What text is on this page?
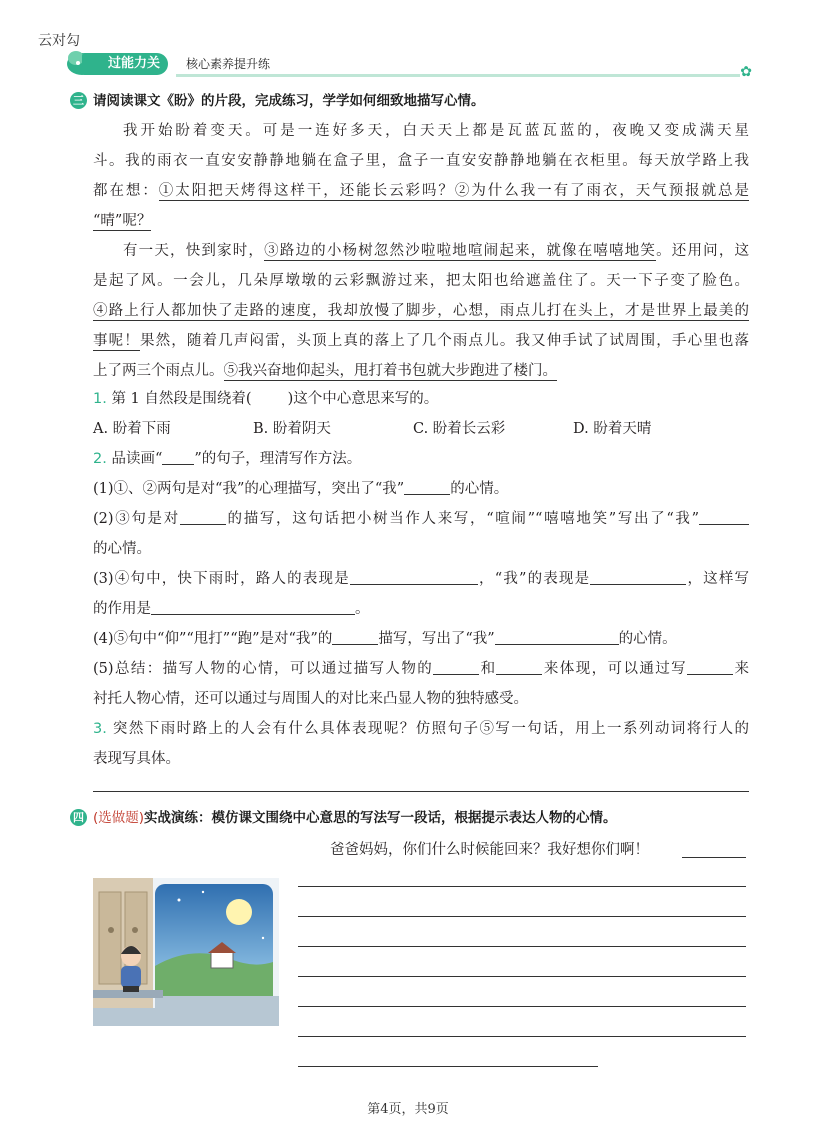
云对勾
过能力关	核心素养提升练	✿
三 请阅读课文《盼》的片段，完成练习，学学如何细致地描写心情。
我开始盼着变天。可是一连好多天，白天天上都是瓦蓝瓦蓝的，夜晚又变成满天星
斗。我的雨衣一直安安静静地躺在盒子里，盒子一直安安静静地躺在衣柜里。每天放学路上我
都在想：①太阳把天烤得这样干，还能长云彩吗？②为什么我一有了雨衣，天气预报就总是
“晴”呢？
有一天，快到家时，③路边的小杨树忽然沙啦啦地喧闹起来，就像在嘻嘻地笑。还用问，这
是起了风。一会儿，几朵厚墩墩的云彩飘游过来，把太阳也给遮盖住了。天一下子变了脸色。
④路上行人都加快了走路的速度，我却放慢了脚步，心想，雨点儿打在头上，才是世界上最美的
事呢！果然，随着几声闷雷，头顶上真的落上了几个雨点儿。我又伸手试了试周围，手心里也落
上了两三个雨点儿。⑤我兴奋地仰起头，甩打着书包就大步跑进了楼门。
1. 第 1 自然段是围绕着( )这个中心意思来写的。
A. 盼着下雨	B. 盼着阴天	C. 盼着长云彩	D. 盼着天晴
2. 品读画“ ”的句子，理清写作方法。
(1)①、②两句是对“我”的心理描写，突出了“我”	的心情。
(2)③句是对	的描写，这句话把小树当作人来写，“喧闹”“嘻嘻地笑”写出了“我”
的心情。
(3)④句中，快下雨时，路人的表现是	，“我”的表现是	，这样写
的作用是	。
(4)⑤句中“仰”“甩打”“跑”是对“我”的	描写，写出了“我”	的心情。
(5)总结：描写人物的心情，可以通过描写人物的	和	来体现，可以通过写	来
衬托人物心情，还可以通过与周围人的对比来凸显人物的独特感受。
3. 突然下雨时路上的人会有什么具体表现呢？仿照句子⑤写一句话，用上一系列动词将行人的
表现写具体。
四 (选做题)实战演练：模仿课文围绕中心意思的写法写一段话，根据提示表达人物的心情。
爸爸妈妈，你们什么时候能回来？我好想你们啊！
第4页，共9页
